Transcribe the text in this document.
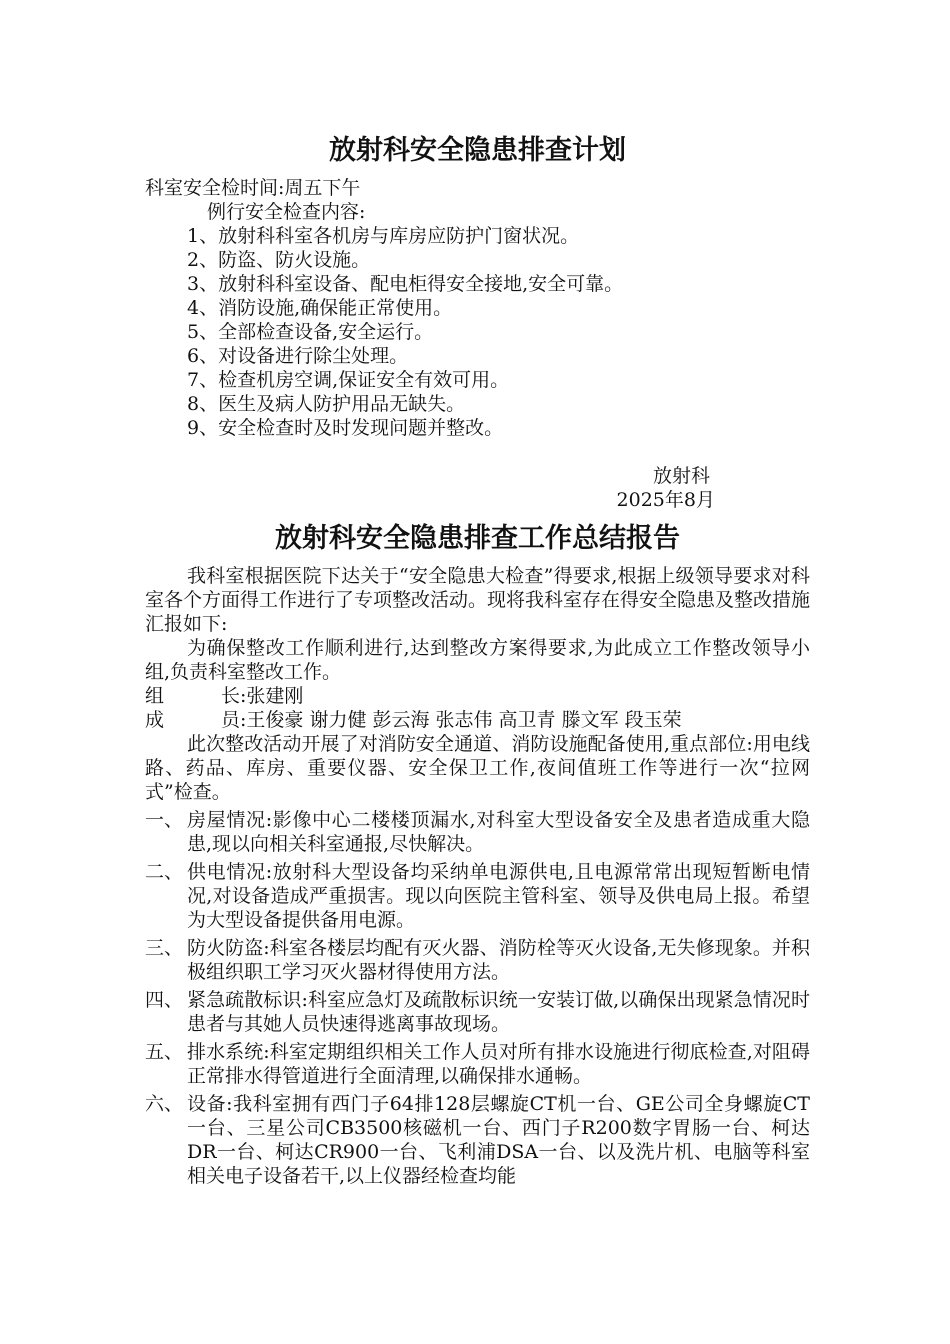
放射科安全隐患排查计划

科室安全检时间:周五下午

例行安全检查内容:

1、放射科科室各机房与库房应防护门窗状况。

2、防盗、防火设施。

3、放射科科室设备、配电柜得安全接地,安全可靠。

4、消防设施,确保能正常使用。

5、全部检查设备,安全运行。

6、对设备进行除尘处理。

7、检查机房空调,保证安全有效可用。

8、医生及病人防护用品无缺失。

9、安全检查时及时发现问题并整改。

放射科

2025年8月

放射科安全隐患排查工作总结报告

我科室根据医院下达关于“安全隐患大检查”得要求,根据上级领导要求对科室各个方面得工作进行了专项整改活动。现将我科室存在得安全隐患及整改措施汇报如下:

为确保整改工作顺利进行,达到整改方案得要求,为此成立工作整改领导小组,负责科室整改工作。

组	长 :张建刚
成	员 :王俊豪 谢力健 彭云海 张志伟 高卫青 滕文军 段玉荣

此次整改活动开展了对消防安全通道、消防设施配备使用,重点部位:用电线路、药品、库房、重要仪器、安全保卫工作,夜间值班工作等进行一次“拉网式”检查。

一、 房屋情况:影像中心二楼楼顶漏水,对科室大型设备安全及患者造成重大隐患,现以向相关科室通报,尽快解决。
二、 供电情况:放射科大型设备均采纳单电源供电,且电源常常出现短暂断电情况,对设备造成严重损害。现以向医院主管科室、领导及供电局上报。希望为大型设备提供备用电源。
三、 防火防盗:科室各楼层均配有灭火器、消防栓等灭火设备,无失修现象。并积极组织职工学习灭火器材得使用方法。
四、 紧急疏散标识:科室应急灯及疏散标识统一安装订做,以确保出现紧急情况时患者与其她人员快速得逃离事故现场。
五、 排水系统:科室定期组织相关工作人员对所有排水设施进行彻底检查,对阻碍正常排水得管道进行全面清理,以确保排水通畅。
六、 设备:我科室拥有西门子64排128层螺旋CT机一台、GE公司全身螺旋CT一台、三星公司CB3500核磁机一台、西门子R200数字胃肠一台、柯达DR一台、柯达CR900一台、飞利浦DSA一台、以及洗片机、电脑等科室相关电子设备若干,以上仪器经检查均能
